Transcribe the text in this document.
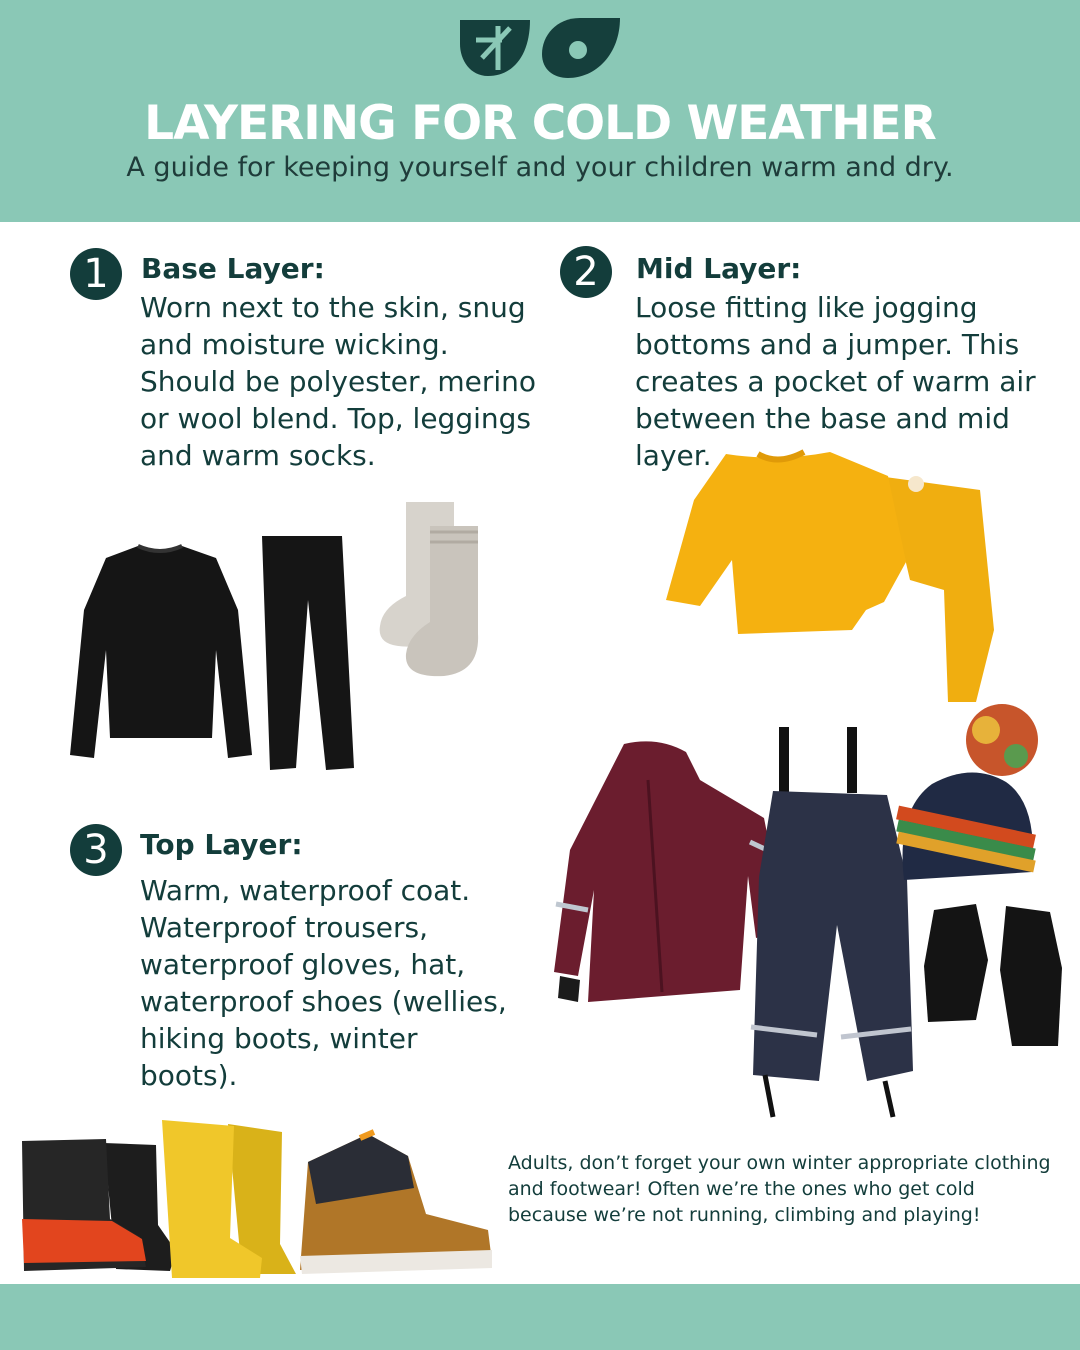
LAYERING FOR COLD WEATHER
A guide for keeping yourself and your children warm and dry.
1	Base Layer:
Worn next to the skin, snug and moisture wicking. Should be polyester, merino or wool blend. Top, leggings and warm socks.
2	Mid Layer:
Loose fitting like jogging bottoms and a jumper. This creates a pocket of warm air between the base and mid layer.
3	Top Layer:
Warm, waterproof coat. Waterproof trousers, waterproof gloves, hat, waterproof shoes (wellies, hiking boots, winter boots).
Adults, don’t forget your own winter appropriate clothing and footwear! Often we’re the ones who get cold because we’re not running, climbing and playing!
